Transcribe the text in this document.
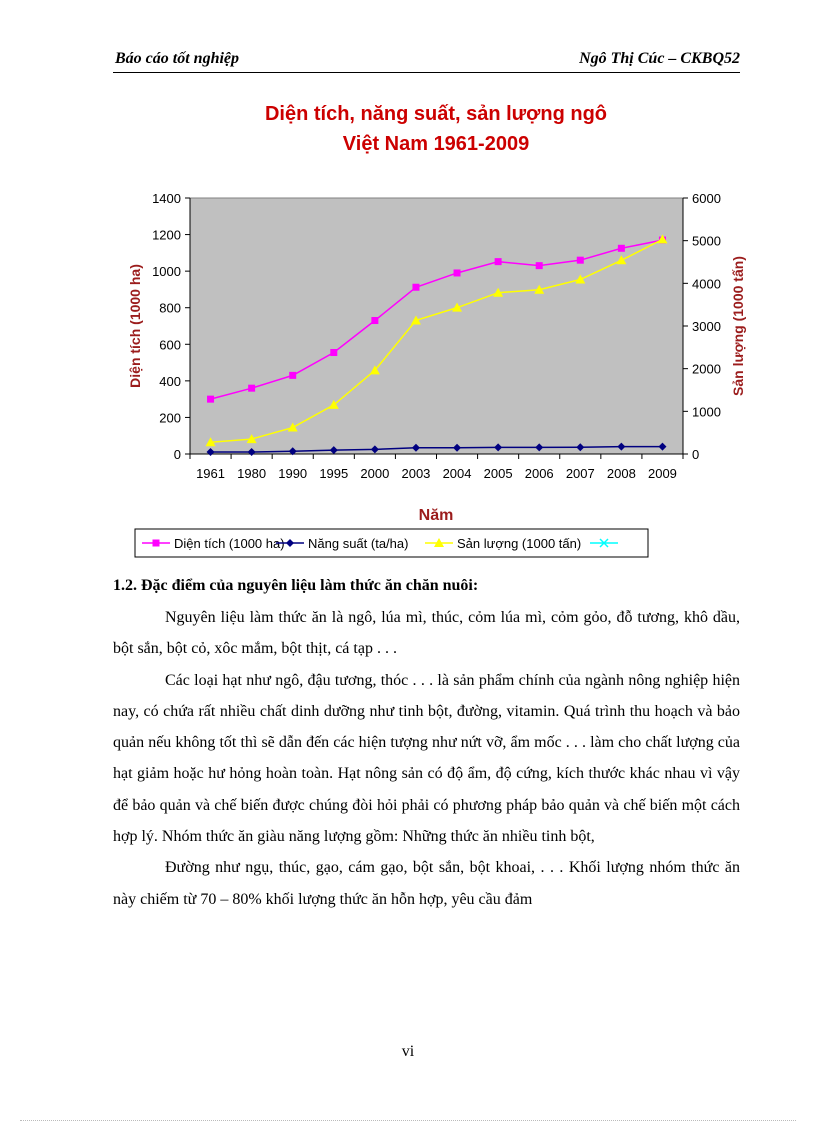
Báo cáo tốt nghiệp	Ngô Thị Cúc – CKBQ52
Diện tích, năng suất, sản lượng ngô
Việt Nam 1961-2009
0
200
400
600
800
1000
1200
1400
0
1000
2000
3000
4000
5000
6000
1961 1980 1990 1995 2000 2003 2004 2005 2006 2007 2008 2009
Năm
Diện tích (1000 ha)	Sản lượng (1000 tấn)
Diện tích (1000 ha) Năng suất (ta/ha)	Sản lượng (1000 tấn)
1.2. Đặc điểm của nguyên liệu làm thức ăn chăn nuôi:

Nguyên liệu làm thức ăn là ngô, lúa mì, thúc, cỏm lúa mì, cỏm gỏo, đỗ tương, khô dầu, bột sắn, bột cỏ, xôc mắm, bột thịt, cá tạp . . .

Các loại hạt như ngô, đậu tương, thóc . . . là sản phẩm chính của ngành nông nghiệp hiện nay, có chứa rất nhiều chất dinh dưỡng như tinh bột, đường, vitamin. Quá trình thu hoạch và bảo quản nếu không tốt thì sẽ dẫn đến các hiện tượng như nứt vỡ, ẩm mốc . . . làm cho chất lượng của hạt giảm hoặc hư hỏng hoàn toàn. Hạt nông sản có độ ẩm, độ cứng, kích thước khác nhau vì vậy để bảo quản và chế biến được chúng đòi hỏi phải có phương pháp bảo quản và chế biến một cách hợp lý. Nhóm thức ăn giàu năng lượng gồm: Những thức ăn nhiều tinh bột,

Đường như ngụ, thúc, gạo, cám gạo, bột sắn, bột khoai, . . . Khối lượng nhóm thức ăn này chiếm từ 70 – 80% khối lượng thức ăn hỗn hợp, yêu cầu đảm

vi
